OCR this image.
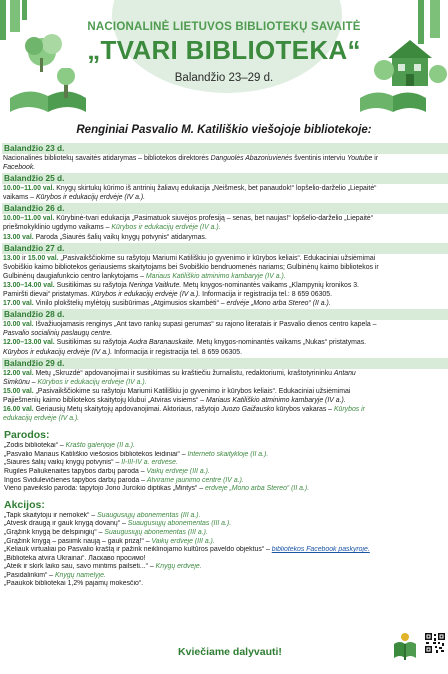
NACIONALINĖ LIETUVOS BIBLIOTEKŲ SAVAITĖ
„TVARI BIBLIOTEKA“
Balandžio 23–29 d.
Renginiai Pasvalio M. Katiliškio viešojoje bibliotekoje:
Balandžio 23 d.
Nacionalinės bibliotekų savaitės atidarymas – bibliotekos direktorės Danguolės Abazoriuvienės šventinis interviu Youtube ir
Facebook.
Balandžio 25 d.
10.00–11.00 val. Knygų skirtukų kūrimo iš antrinių žaliavų edukacija „Neišmesk, bet panaudok!“ lopšelio-darželio „Liepaitė“
vaikams – Kūrybos ir edukacijų erdvėje (IV a.).
Balandžio 26 d.
10.00–11.00 val. Kūrybinė-tvari edukacija „Pasimatuok siuvėjos profesiją – senas, bet naujas!“ lopšelio-darželio „Liepaitė“
priešmokyklinio ugdymo vaikams – Kūrybos ir edukacijų erdvėje (IV a.).
13.00 val. Paroda „Šiaurės šalių vaikų knygų potvynis“ atidarymas.
Balandžio 27 d.
13.00 ir 15.00 val. „Pasivaikščiokime su rašytoju Mariumi Katiliškiu jo gyvenimo ir kūrybos keliais“. Edukaciniai užsiėmimai
Švobiškio kaimo bibliotekos geriausiems skaitytojams bei Švobiškio bendruomenės nariams; Gulbinėnų kaimo bibliotekos ir
Gulbinėnų daugiafunkcio centro lankytojams – Mariaus Katiliškio atminimo kambaryje (IV a.).
13.00–14.00 val. Susitikimas su rašytoja Neringa Vaitkute. Metų knygos-nominantės vaikams „Klampynių kronikos 3.
Pamiršti dievai“ pristatymas. Kūrybos ir edukacijų erdvėje (IV a.). Informacija ir registracija tel.: 8 659 06305.
17.00 val. Vinilo plokštelių mylėtojų susibūrimas „Atgimusios skambėti“ – erdvėje „Mono arba Stereo“ (II a.).
Balandžio 28 d.
10.00 val. Išvažiuojamasis renginys „Ant tavo rankų supasi gerumas“ su rajono literatais ir Pasvalio dienos centro kapela –
Pasvalio socialinių paslaugų centre.
12.00–13.00 val. Susitikimas su rašytoja Audra Baranauskaite. Metų knygos-nominantės vaikams „Nukas“ pristatymas.
Kūrybos ir edukacijų erdvėje (IV a.). Informacija ir registracija tel. 8 659 06305.
Balandžio 29 d.
12.00 val. Metų „Skruzdė“ apdovanojimai ir susitikimas su kraštiečiu žurnalistu, redaktoriumi, kraštotyrininku Antanu
Šimkūnu – Kūrybos ir edukacijų erdvėje (IV a.).
15.00 val. „Pasivaikščiokime su rašytoju Mariumi Katiliškiu jo gyvenimo ir kūrybos keliais“. Edukaciniai užsiėmimai
Pajiešmenių kaimo bibliotekos skaitytojų klubui „Atviras visiems“ – Mariaus Katiliškio atminimo kambaryje (IV a.).
16.00 val. Geriausių Metų skaitytojų apdovanojimai. Aktoriaus, rašytojo Juozo Gaižausko kūrybos vakaras – Kūrybos ir
edukacijų erdvėje (IV a.).
Parodos:
„Žodis bibliotekai“ – Krašto galerijoje (II a.).
„Pasvalio Mariaus Katiliškio viešosios bibliotekos leidiniai“ – Interneto skaitykloje (II a.).
„Šiaurės šalių vaikų knygų potvynis“ – II-III-IV a. erdvėse.
Rugilės Paliukėnaitės tapybos darbų paroda – Vaikų erdvėje (III a.).
Ingos Svidulevičienės tapybos darbų paroda – Atvirame jaunimo centre (IV a.).
Vieno paveikslo paroda: tapytojo Jono Jurcikio diptikas „Mintys“ – erdvėje „Mono arba Stereo“ (II a.).
Akcijos:
„Tapk skaitytoju ir nemokėk“ – Suaugusiųjų abonementas (III a.).
„Atvesk draugą ir gauk knygą dovanų“ – Suaugusiųjų abonementas (III a.).
„Grąžink knygą be delspinigių“ – Suaugusiųjų abonementas (III a.).
„Grąžink knygą – pasiimk naują – gauk prizą!“ – Vaikų erdvėje (III a.).
„Keliauk virtualiai po Pasvalio kraštą ir pažink neiklinojamo kultūros paveldo objektus“ – bibliotekos Facebook paskyroje.
„Biblioteka atvira Ukrainai“. Ласкаво просимо!
„Ateik ir skirk laiko sau, savo mintims pailsėti...“ – Knygų erdvėje.
„Pasidalinkim“ – Knygų namelyje.
„Paaukok bibliotekai 1,2% pajamų mokesčio“.
Kviečiame dalyvauti!
